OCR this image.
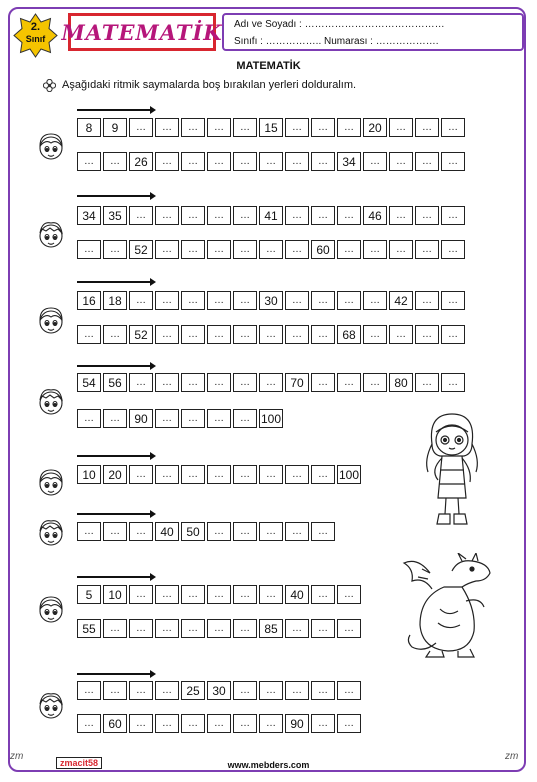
2.
Sınıf MATEMATİK Adı ve Soyadı : ……………………………………
Sınıfı : …………….. Numarası : ……………….
MATEMATİK
Aşağıdaki ritmik saymalarda boş bırakılan yerleri dolduralım.
8	9	…	…	…	…	…	15	…	…	…	20	…	…	…
…	…	26	…	…	…	…	…	…	…	34	…	…	…	…
34	35	…	…	…	…	…	41	…	…	…	46	…	…	…
…	…	52	…	…	…	…	…	…	60	…	…	…	…	…
16	18	…	…	…	…	…	30	…	…	…	…	42	…	…
…	…	52	…	…	…	…	…	…	…	68	…	…	…	…
54	56	…	…	…	…	…	…	70	…	…	…	80	…	…
…	…	90	…	…	…	… 100
10	20	…	…	…	…	…	…	…	… 100
…	…	…	40	50	…	…	…	…	…
5	10	…	…	…	…	…	…	40	…	…
55	…	…	…	…	…	…	85	…	…	…
…	…	…	…	25	30	…	…	…	…	…
…	60	…	…	…	…	…	…	90	…	…
zm
zmacit58	www.mebders.com
zm
